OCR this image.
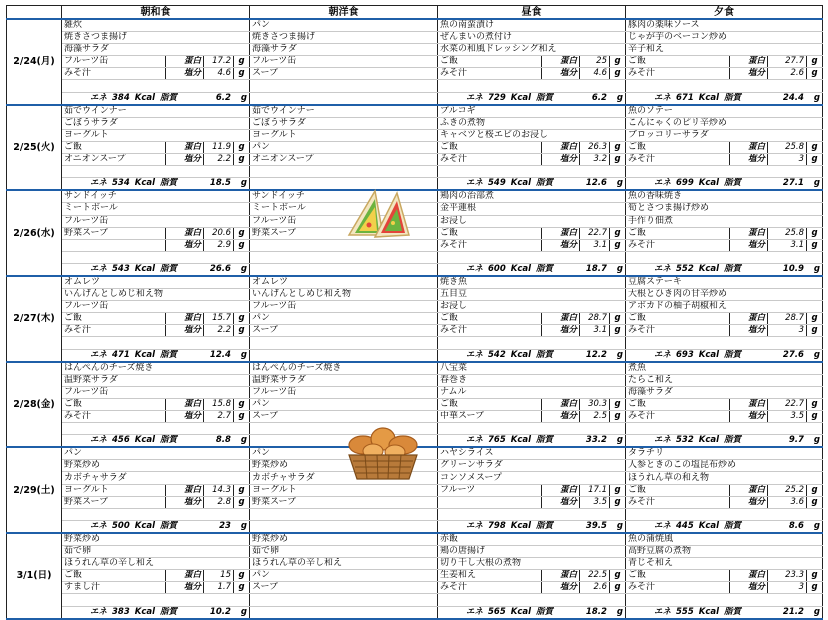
	朝和食				朝洋食	昼食				夕食			
2/24(月)	雑炊				パン	魚の南蛮漬け				豚肉の薬味ソース			
	焼きさつま揚げ				焼きさつま揚げ	ぜんまいの煮付け				じゃが芋のベーコン炒め			
	海藻サラダ				海藻サラダ	水菜の和風ドレッシング和え				辛子和え			
	フルーツ缶	蛋白	17.2	g	フルーツ缶	ご飯	蛋白	25	g	ご飯	蛋白	27.7	g
	みそ汁	塩分	4.6	g	スープ	みそ汁	塩分	4.6	g	みそ汁	塩分	2.6	g

	エネ 384 Kcal 脂質 6.2 g					エネ 729 Kcal 脂質 6.2 g				エネ 671 Kcal 脂質 24.4 g			

2/25(火)	茹でウインナー				茹でウインナー	プルコギ				魚のソテー			
	ごぼうサラダ				ごぼうサラダ	ふきの煮物				こんにゃくのピリ辛炒め			
	ヨーグルト				ヨーグルト	キャベツと桜エビのお浸し				ブロッコリーサラダ			
	ご飯	蛋白	11.9	g	パン	ご飯	蛋白	26.3	g	ご飯	蛋白	25.8	g
	オニオンスープ	塩分	2.2	g	オニオンスープ	みそ汁	塩分	3.2	g	みそ汁	塩分	3	g

	エネ 534 Kcal 脂質 18.5 g					エネ 549 Kcal 脂質 12.6 g				エネ 699 Kcal 脂質 27.1 g			

2/26(水)	サンドイッチ				サンドイッチ	鶏肉の治部煮				魚の香味焼き			
	ミートボール				ミートボール	金平蓮根				筍とさつま揚げ炒め			
	フルーツ缶				フルーツ缶	お浸し				手作り佃煮			
	野菜スープ	蛋白	20.6	g	野菜スープ	ご飯	蛋白	22.7	g	ご飯	蛋白	25.8	g
		塩分	2.9	g		みそ汁	塩分	3.1	g	みそ汁	塩分	3.1	g

	エネ 543 Kcal 脂質 26.6 g					エネ 600 Kcal 脂質 18.7 g				エネ 552 Kcal 脂質 10.9 g			

2/27(木)	オムレツ				オムレツ	焼き魚				豆腐ステーキ			
	いんげんとしめじ和え物				いんげんとしめじ和え物	五目豆				大根とひき肉の甘辛炒め			
	フルーツ缶				フルーツ缶	お浸し				アボカドの柚子胡椒和え			
	ご飯	蛋白	15.7	g	パン	ご飯	蛋白	28.7	g	ご飯	蛋白	28.7	g
	みそ汁	塩分	2.2	g	スープ	みそ汁	塩分	3.1	g	みそ汁	塩分	3	g

	エネ 471 Kcal 脂質 12.4 g					エネ 542 Kcal 脂質 12.2 g				エネ 693 Kcal 脂質 27.6 g			

2/28(金)	はんぺんのチーズ焼き				はんぺんのチーズ焼き	八宝菜				煮魚			
	温野菜サラダ				温野菜サラダ	春巻き				たらこ和え			
	フルーツ缶				フルーツ缶	ナムル				海藻サラダ			
	ご飯	蛋白	15.8	g	パン	ご飯	蛋白	30.3	g	ご飯	蛋白	22.7	g
	みそ汁	塩分	2.7	g	スープ	中華スープ	塩分	2.5	g	みそ汁	塩分	3.5	g

	エネ 456 Kcal 脂質 8.8 g					エネ 765 Kcal 脂質 33.2 g				エネ 532 Kcal 脂質 9.7 g			

2/29(土)	パン				パン	ハヤシライス				タラチリ			
	野菜炒め				野菜炒め	グリーンサラダ				人参ときのこの塩昆布炒め			
	カボチャサラダ				カボチャサラダ	コンソメスープ				ほうれん草の和え物			
	ヨーグルト	蛋白	14.3	g	ヨーグルト	フルーツ	蛋白	17.1	g	ご飯	蛋白	25.2	g
	野菜スープ	塩分	2.8	g	野菜スープ		塩分	3.5	g	みそ汁	塩分	3.6	g

	エネ 500 Kcal 脂質 23 g					エネ 798 Kcal 脂質 39.5 g				エネ 445 Kcal 脂質 8.6 g			

3/1(日)	野菜炒め				野菜炒め	赤飯				魚の蒲焼風			
	茹で卵				茹で卵	鶏の唐揚げ				高野豆腐の煮物			
	ほうれん草の辛し和え				ほうれん草の辛し和え	切り干し大根の煮物				青じそ和え			
	ご飯	蛋白	15	g	パン	生姜和え	蛋白	22.5	g	ご飯	蛋白	23.3	g
	すまし汁	塩分	1.7	g	スープ	みそ汁	塩分	2.6	g	みそ汁	塩分	3	g

	エネ 383 Kcal 脂質 10.2 g					エネ 565 Kcal 脂質 18.2 g				エネ 555 Kcal 脂質 21.2 g			
